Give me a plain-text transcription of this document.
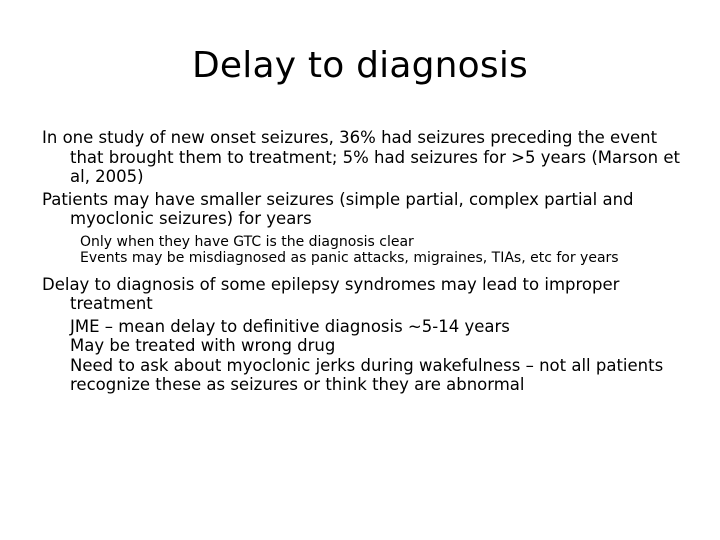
Delay to diagnosis

In one study of new onset seizures, 36% had seizures preceding the event that brought them to treatment; 5% had seizures for >5 years (Marson et al, 2005)

Patients may have smaller seizures (simple partial, complex partial and myoclonic seizures) for years

Only when they have GTC is the diagnosis clear

Events may be misdiagnosed as panic attacks, migraines, TIAs, etc for years

Delay to diagnosis of some epilepsy syndromes may lead to improper treatment

JME – mean delay to definitive diagnosis ~5-14 years

May be treated with wrong drug

Need to ask about myoclonic jerks during wakefulness – not all patients recognize these as seizures or think they are abnormal
